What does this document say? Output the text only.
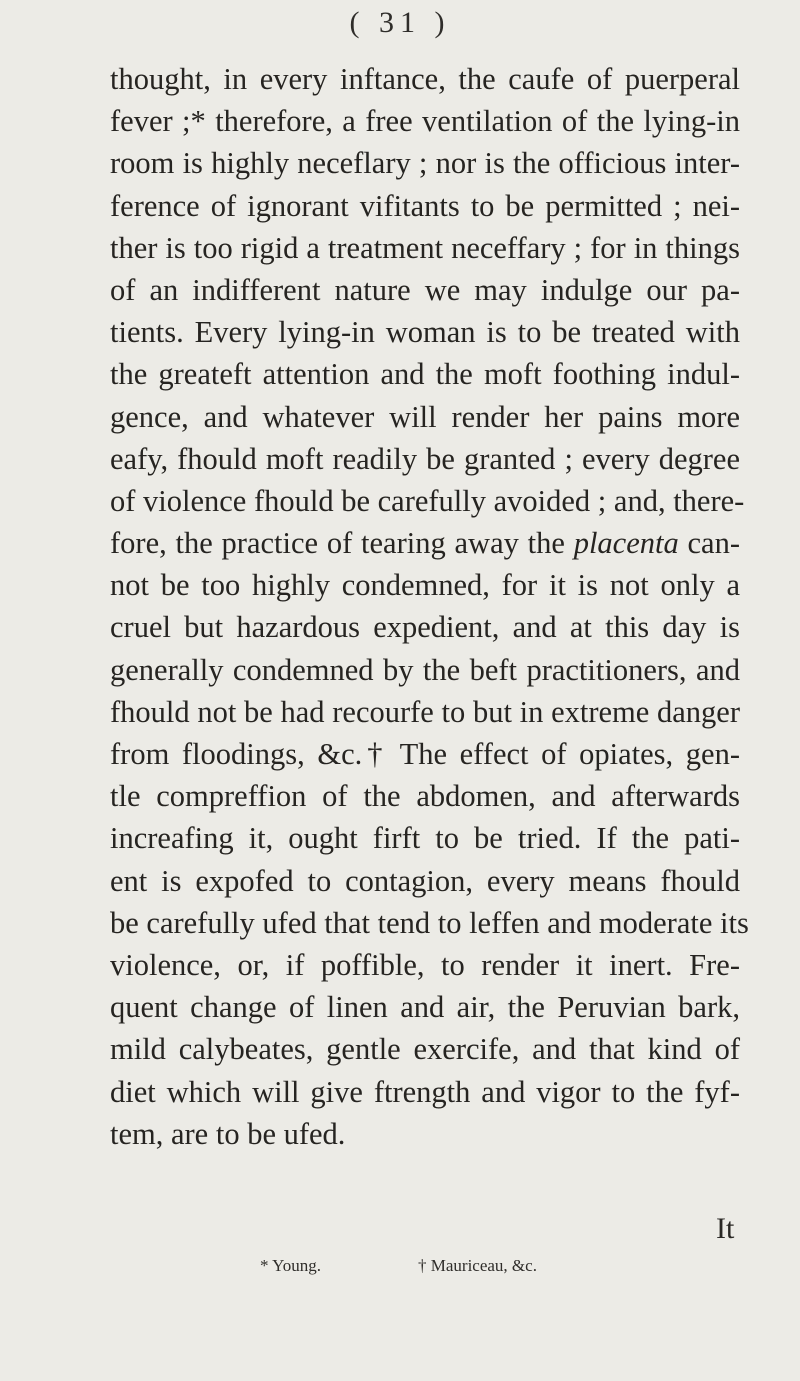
( 31 )
thought, in every inftance, the caufe of puerperal
fever ;* therefore, a free ventilation of the lying-in
room is highly neceflary ; nor is the officious inter-
ference of ignorant vifitants to be permitted ; nei-
ther is too rigid a treatment neceffary ; for in things
of an indifferent nature we may indulge our pa-
tients. Every lying-in woman is to be treated with
the greateft attention and the moft foothing indul-
gence, and whatever will render her pains more
eafy, fhould moft readily be granted ; every degree
of violence fhould be carefully avoided ; and, there-
fore, the practice of tearing away the placenta can-
not be too highly condemned, for it is not only a
cruel but hazardous expedient, and at this day is
generally condemned by the beft practitioners, and
fhould not be had recourfe to but in extreme danger
from floodings, &c.† The effect of opiates, gen-
tle compreffion of the abdomen, and afterwards
increafing it, ought firft to be tried. If the pati-
ent is expofed to contagion, every means fhould
be carefully ufed that tend to leffen and moderate its
violence, or, if poffible, to render it inert. Fre-
quent change of linen and air, the Peruvian bark,
mild calybeates, gentle exercife, and that kind of
diet which will give ftrength and vigor to the fyf-
tem, are to be ufed.
It
* Young.	† Mauriceau, &c.
